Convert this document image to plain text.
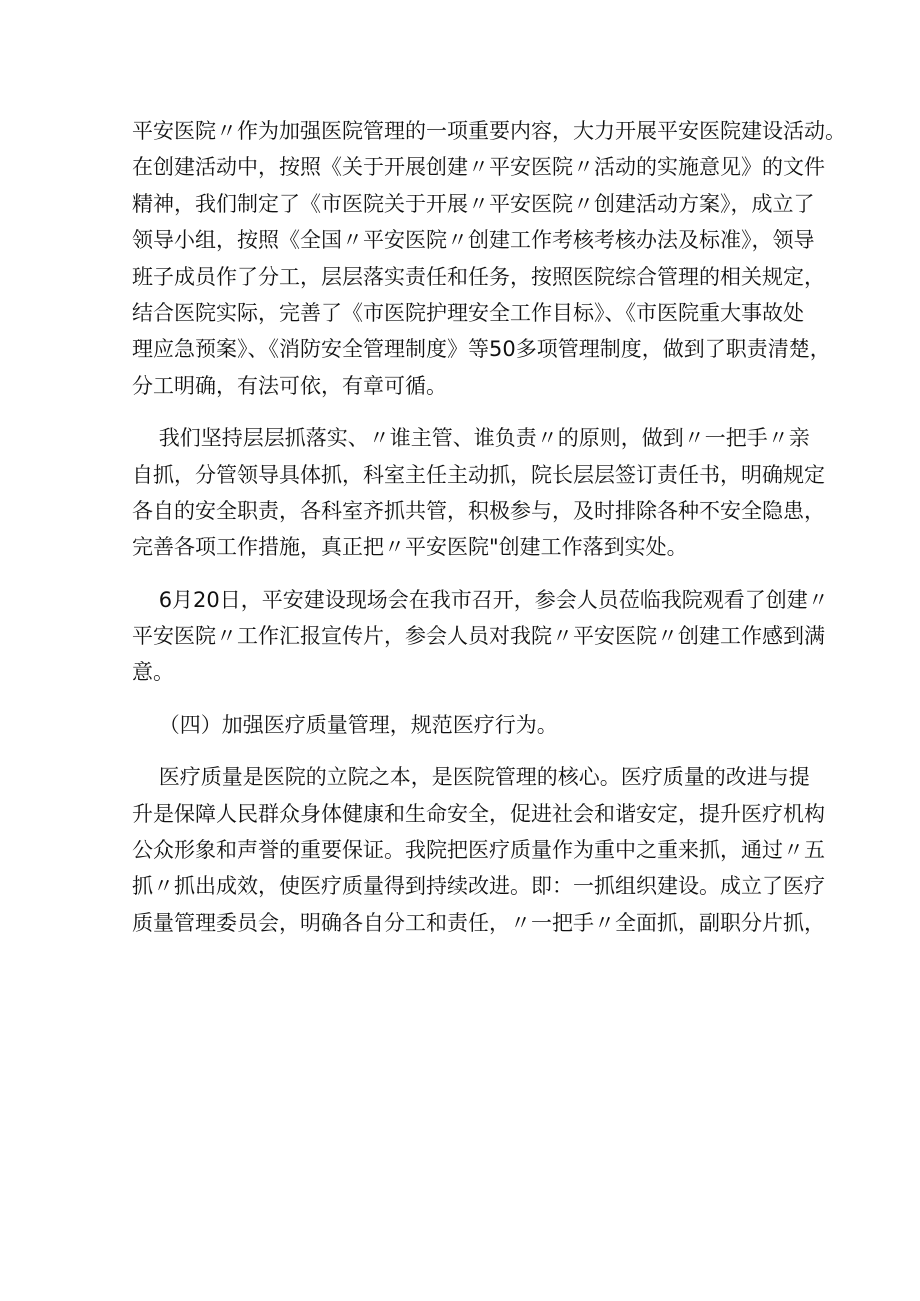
平安医院〃作为加强医院管理的一项重要内容，大力开展平安医院建设活动。
在创建活动中，按照《关于开展创建〃平安医院〃活动的实施意见》的文件
精神，我们制定了《市医院关于开展〃平安医院〃创建活动方案》，成立了
领导小组，按照《全国〃平安医院〃创建工作考核考核办法及标准》，领导
班子成员作了分工，层层落实责任和任务，按照医院综合管理的相关规定，
结合医院实际，完善了《市医院护理安全工作目标》、《市医院重大事故处
理应急预案》、《消防安全管理制度》等50多项管理制度，做到了职责清楚，
分工明确，有法可依，有章可循。
我们坚持层层抓落实、〃谁主管、谁负责〃的原则，做到〃一把手〃亲
自抓，分管领导具体抓，科室主任主动抓，院长层层签订责任书，明确规定
各自的安全职责，各科室齐抓共管，积极参与，及时排除各种不安全隐患，
完善各项工作措施，真正把〃平安医院"创建工作落到实处。
6月20日，平安建设现场会在我市召开，参会人员莅临我院观看了创建〃
平安医院〃工作汇报宣传片，参会人员对我院〃平安医院〃创建工作感到满
意。
（四）加强医疗质量管理，规范医疗行为。
医疗质量是医院的立院之本，是医院管理的核心。医疗质量的改进与提
升是保障人民群众身体健康和生命安全，促进社会和谐安定，提升医疗机构
公众形象和声誉的重要保证。我院把医疗质量作为重中之重来抓，通过〃五
抓〃抓出成效，使医疗质量得到持续改进。即：一抓组织建设。成立了医疗
质量管理委员会，明确各自分工和责任，〃一把手〃全面抓，副职分片抓，
